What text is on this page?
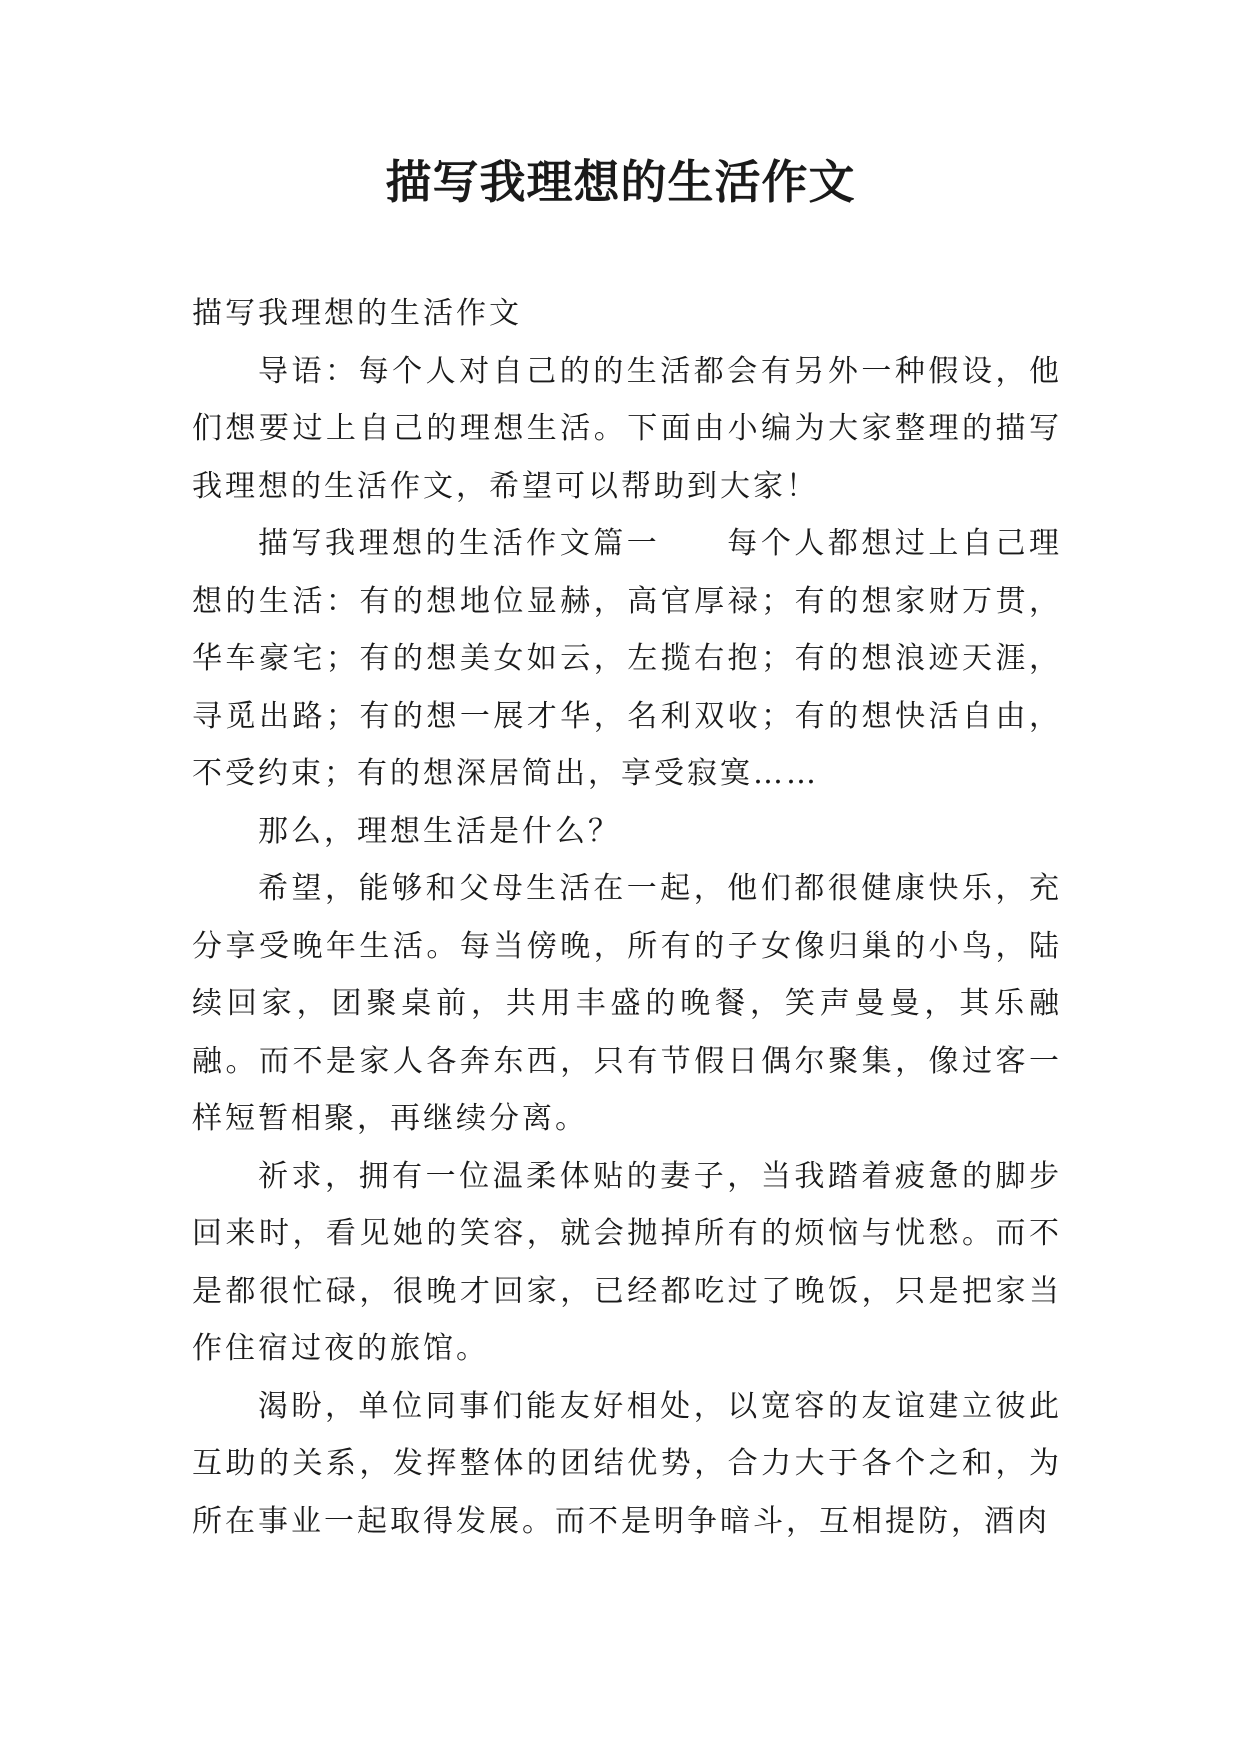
描写我理想的生活作文

描写我理想的生活作文

导语：每个人对自己的的生活都会有另外一种假设，他们想要过上自己的理想生活。下面由小编为大家整理的描写我理想的生活作文，希望可以帮助到大家！

描写我理想的生活作文篇一　　每个人都想过上自己理想的生活：有的想地位显赫，高官厚禄；有的想家财万贯，华车豪宅；有的想美女如云，左揽右抱；有的想浪迹天涯，寻觅出路；有的想一展才华，名利双收；有的想快活自由，不受约束；有的想深居简出，享受寂寞……

那么，理想生活是什么？

希望，能够和父母生活在一起，他们都很健康快乐，充分享受晚年生活。每当傍晚，所有的子女像归巢的小鸟，陆续回家，团聚桌前，共用丰盛的晚餐，笑声曼曼，其乐融融。而不是家人各奔东西，只有节假日偶尔聚集，像过客一样短暂相聚，再继续分离。

祈求，拥有一位温柔体贴的妻子，当我踏着疲惫的脚步回来时，看见她的笑容，就会抛掉所有的烦恼与忧愁。而不是都很忙碌，很晚才回家，已经都吃过了晚饭，只是把家当作住宿过夜的旅馆。

渴盼，单位同事们能友好相处，以宽容的友谊建立彼此互助的关系，发挥整体的团结优势，合力大于各个之和，为所在事业一起取得发展。而不是明争暗斗，互相提防，酒肉
